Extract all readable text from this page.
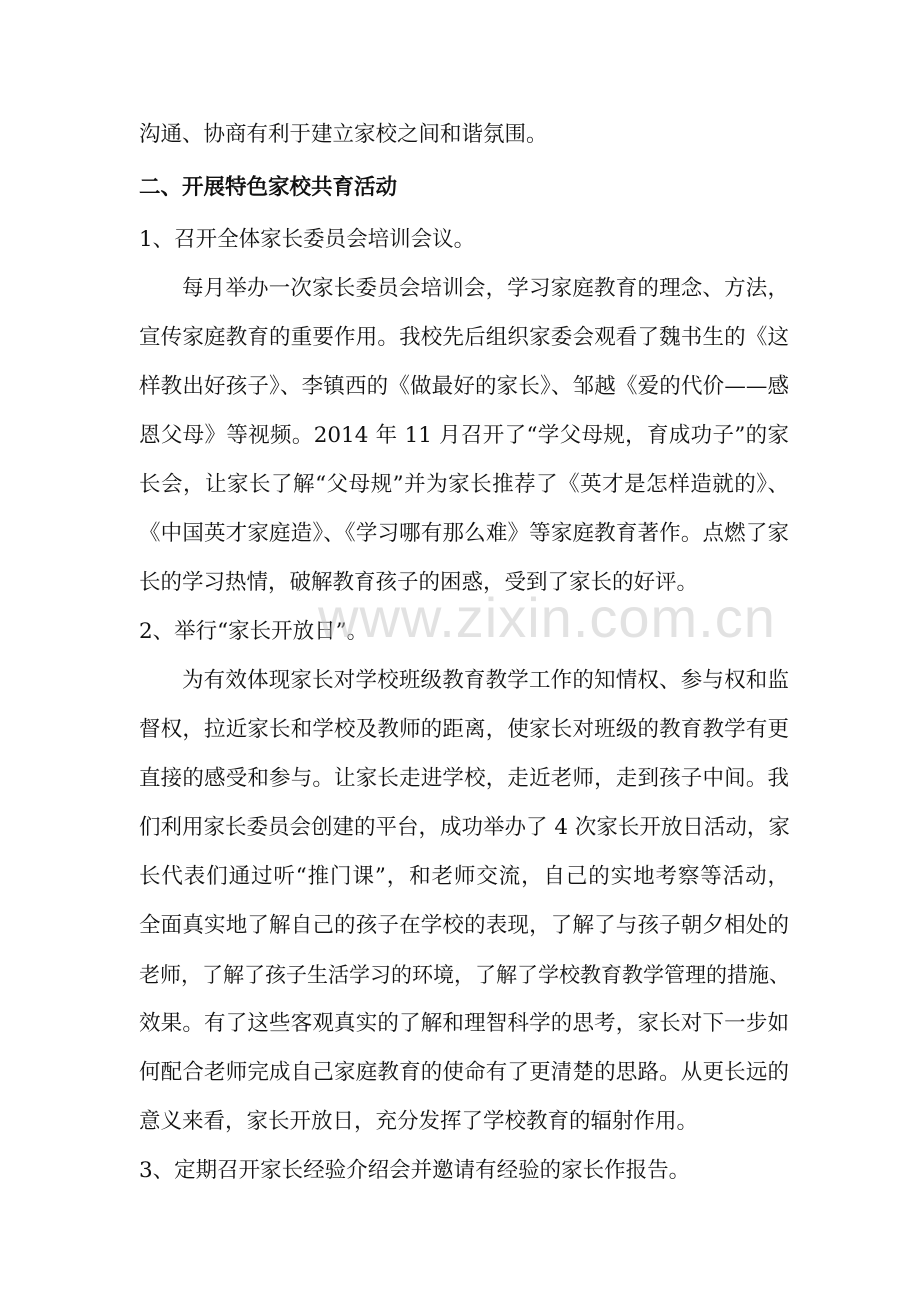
沟通、协商有利于建立家校之间和谐氛围。
二、开展特色家校共育活动
1、召开全体家长委员会培训会议。
每月举办一次家长委员会培训会，学习家庭教育的理念、方法，
宣传家庭教育的重要作用。我校先后组织家委会观看了魏书生的《这
样教出好孩子》、李镇西的《做最好的家长》、邹越《爱的代价——感
恩父母》等视频。2014 年 11 月召开了“学父母规，育成功子”的家
长会，让家长了解“父母规”并为家长推荐了《英才是怎样造就的》、
《中国英才家庭造》、《学习哪有那么难》等家庭教育著作。点燃了家
长的学习热情，破解教育孩子的困惑，受到了家长的好评。
2、举行“家长开放日”。
为有效体现家长对学校班级教育教学工作的知情权、参与权和监
督权，拉近家长和学校及教师的距离，使家长对班级的教育教学有更
直接的感受和参与。让家长走进学校，走近老师，走到孩子中间。我
们利用家长委员会创建的平台，成功举办了 4 次家长开放日活动，家
长代表们通过听“推门课”，和老师交流，自己的实地考察等活动，
全面真实地了解自己的孩子在学校的表现，了解了与孩子朝夕相处的
老师，了解了孩子生活学习的环境，了解了学校教育教学管理的措施、
效果。有了这些客观真实的了解和理智科学的思考，家长对下一步如
何配合老师完成自己家庭教育的使命有了更清楚的思路。从更长远的
意义来看，家长开放日，充分发挥了学校教育的辐射作用。
3、定期召开家长经验介绍会并邀请有经验的家长作报告。
www.zixin.com.cn
